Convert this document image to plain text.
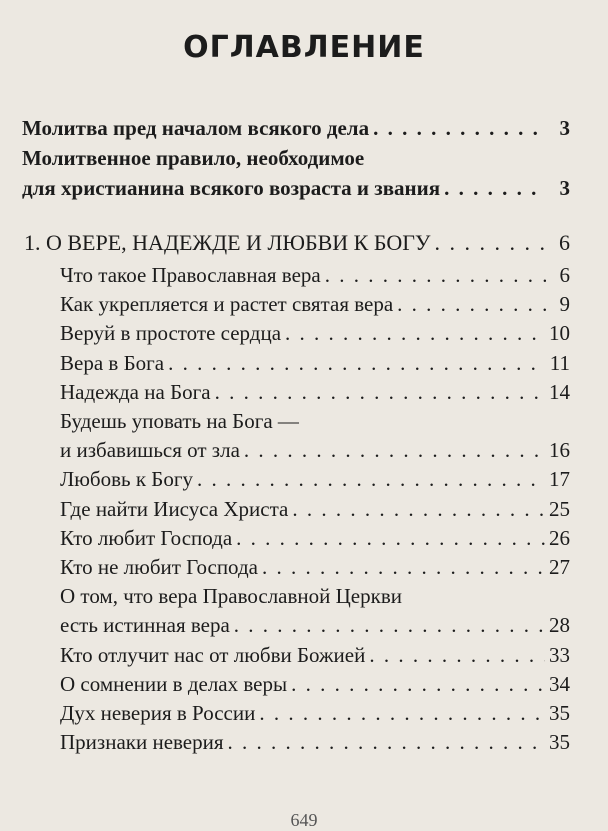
ОГЛАВЛЕНИЕ
Молитва пред началом всякого дела . . .	3
Молитвенное правило, необходимое
для христианина всякого возраста и звания . . .	3
1. О ВЕРЕ, НАДЕЖДЕ И ЛЮБВИ К БОГУ . . .	6
Что такое Православная вера . . .	6
Как укрепляется и растет святая вера . . .	9
Веруй в простоте сердца . . .	10
Вера в Бога . . .	11
Надежда на Бога . . .	14
Будешь уповать на Бога —
и избавишься от зла . . .	16
Любовь к Богу . . .	17
Где найти Иисуса Христа . . .	25
Кто любит Господа . . .	26
Кто не любит Господа . . .	27
О том, что вера Православной Церкви
есть истинная вера . . .	28
Кто отлучит нас от любви Божией . . .	33
О сомнении в делах веры . . .	34
Дух неверия в России . . .	35
Признаки неверия . . .	35
649
